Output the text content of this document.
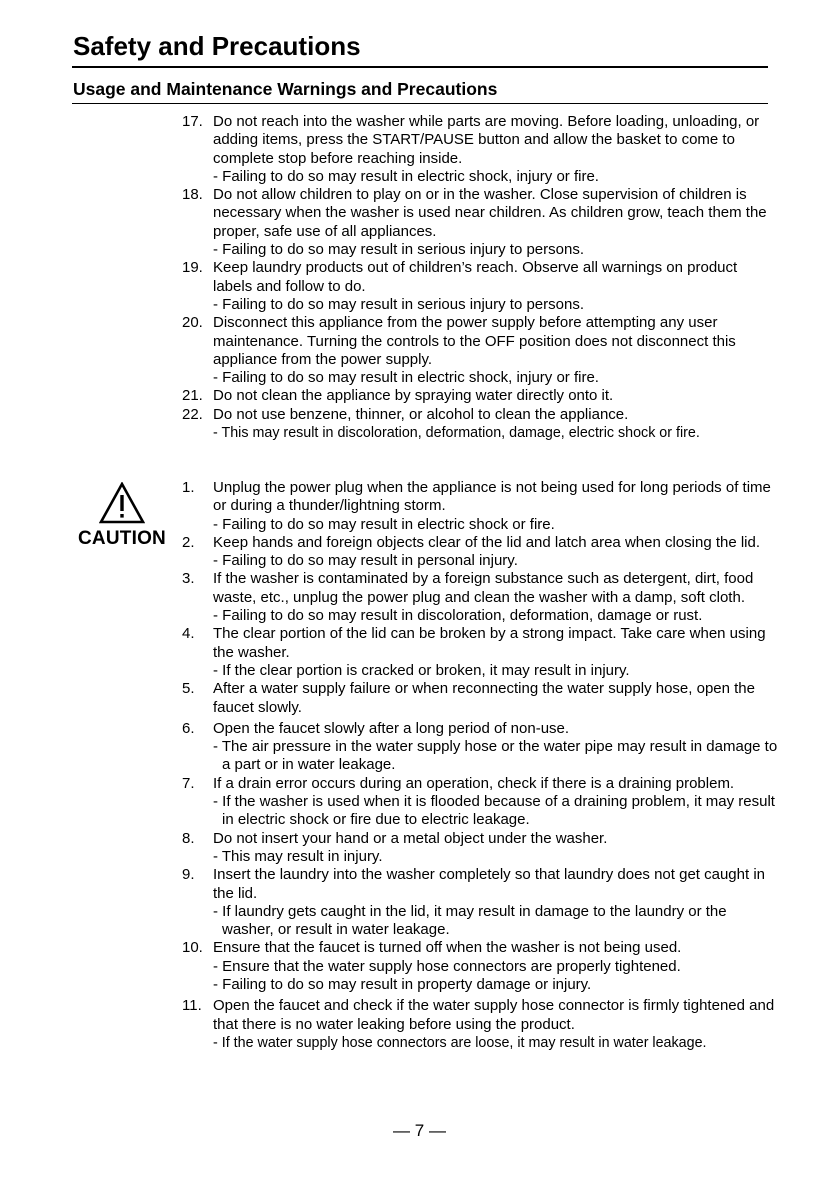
Safety and Precautions
Usage and Maintenance Warnings and Precautions
17. Do not reach into the washer while parts are moving. Before loading, unloading, or adding items, press the START/PAUSE button and allow the basket to come to complete stop before reaching inside.
- Failing to do so may result in electric shock, injury or fire.
18. Do not allow children to play on or in the washer. Close supervision of children is necessary when the washer is used near children. As children grow, teach them the proper, safe use of all appliances.
- Failing to do so may result in serious injury to persons.
19. Keep laundry products out of children’s reach. Observe all warnings on product labels and follow to do.
- Failing to do so may result in serious injury to persons.
20. Disconnect this appliance from the power supply before attempting any user maintenance. Turning the controls to the OFF position does not disconnect this appliance from the power supply.
- Failing to do so may result in electric shock, injury or fire.
21. Do not clean the appliance by spraying water directly onto it.
22. Do not use benzene, thinner, or alcohol to clean the appliance.
- This may result in discoloration, deformation, damage, electric shock or fire.
CAUTION
1. Unplug the power plug when the appliance is not being used for long periods of time or during a thunder/lightning storm.
- Failing to do so may result in electric shock or fire.
2. Keep hands and foreign objects clear of the lid and latch area when closing the lid.
- Failing to do so may result in personal injury.
3. If the washer is contaminated by a foreign substance such as detergent, dirt, food waste, etc., unplug the power plug and clean the washer with a damp, soft cloth.
- Failing to do so may result in discoloration, deformation, damage or rust.
4. The clear portion of the lid can be broken by a strong impact. Take care when using the washer.
- If the clear portion is cracked or broken, it may result in injury.
5. After a water supply failure or when reconnecting the water supply hose, open the faucet slowly.
6. Open the faucet slowly after a long period of non-use.
- The air pressure in the water supply hose or the water pipe may result in damage to a part or in water leakage.
7. If a drain error occurs during an operation, check if there is a draining problem.
- If the washer is used when it is flooded because of a draining problem, it may result in electric shock or fire due to electric leakage.
8. Do not insert your hand or a metal object under the washer.
- This may result in injury.
9. Insert the laundry into the washer completely so that laundry does not get caught in the lid.
- If laundry gets caught in the lid, it may result in damage to the laundry or the washer, or result in water leakage.
10. Ensure that the faucet is turned off when the washer is not being used.
- Ensure that the water supply hose connectors are properly tightened.
- Failing to do so may result in property damage or injury.
11. Open the faucet and check if the water supply hose connector is firmly tightened and that there is no water leaking before using the product.
- If the water supply hose connectors are loose, it may result in water leakage.
— 7 —
